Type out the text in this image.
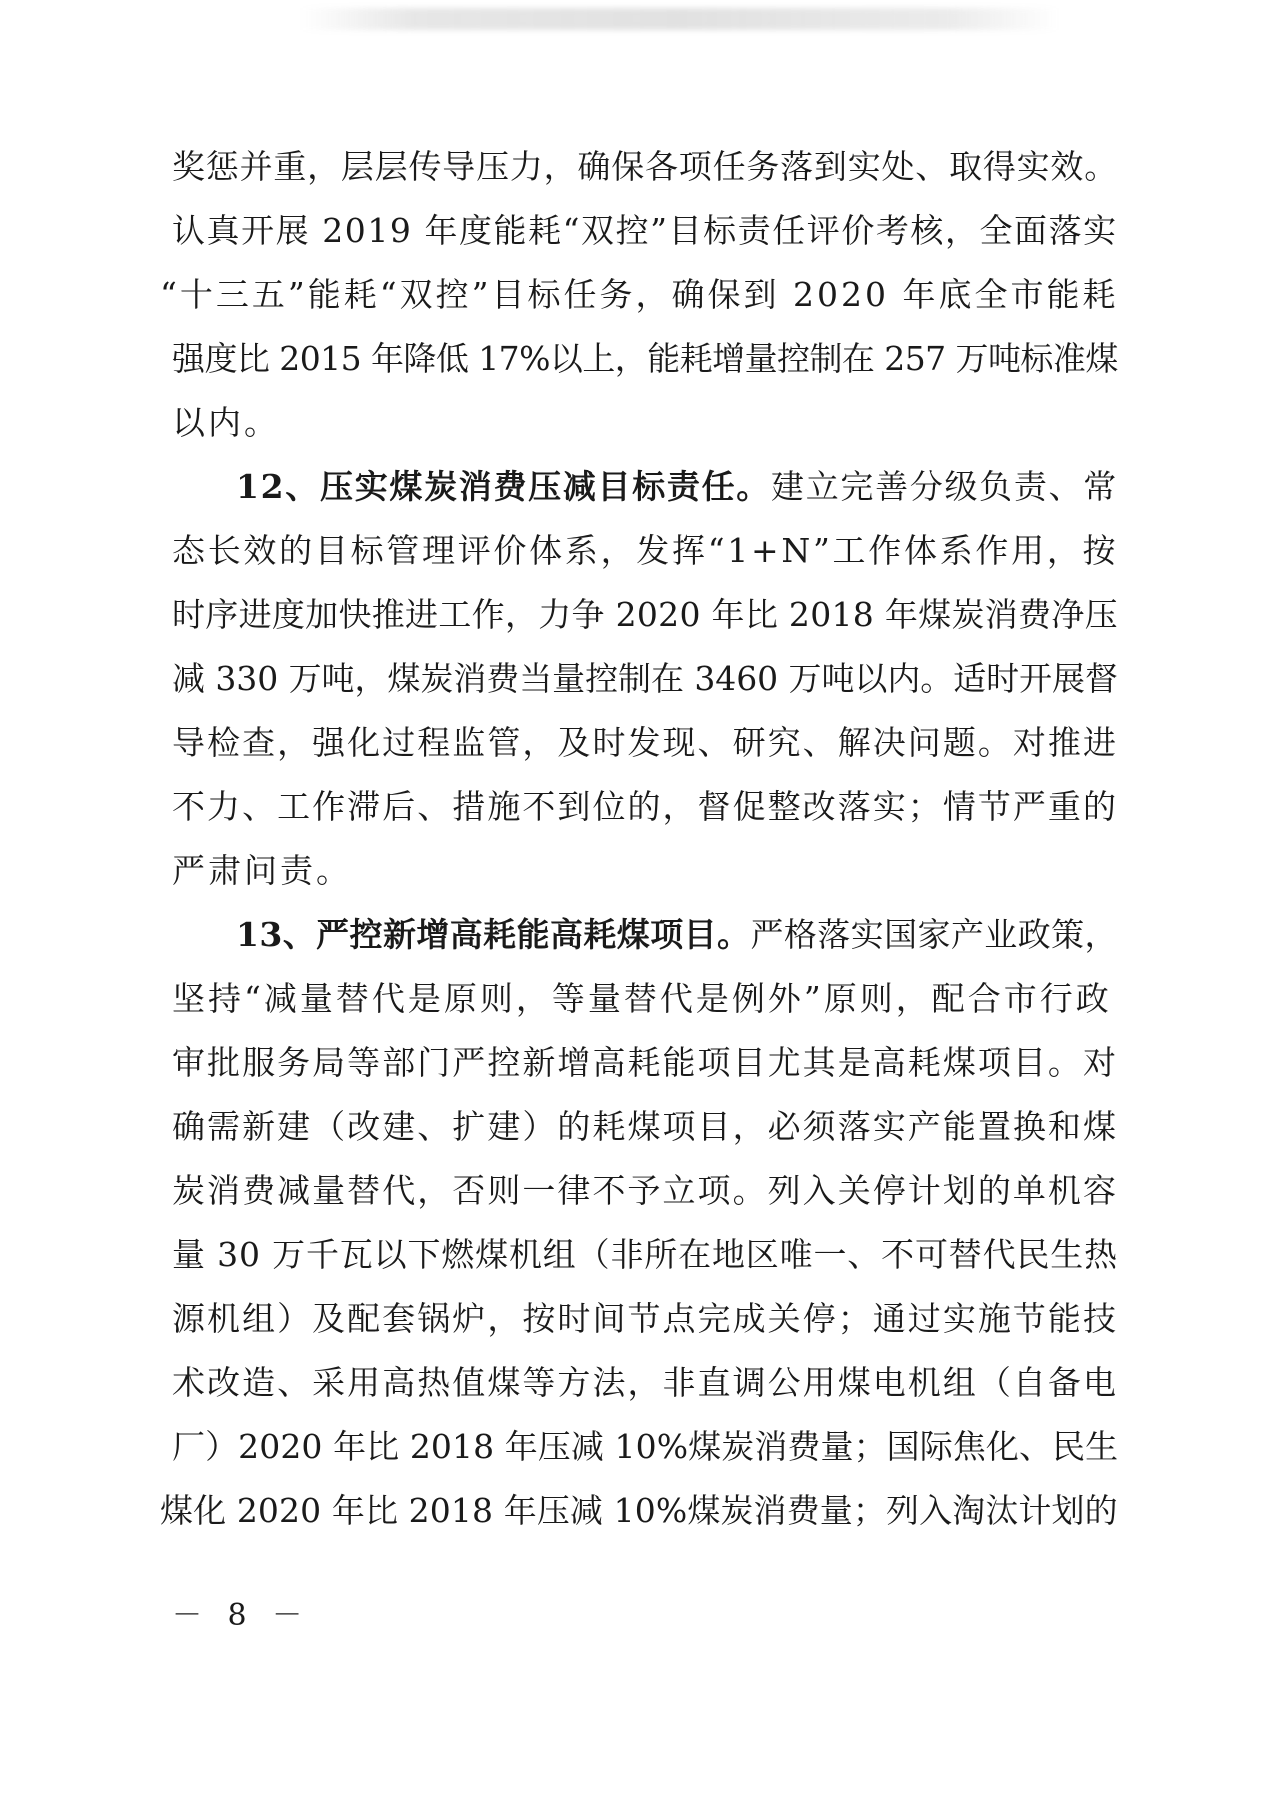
奖惩并重，层层传导压力，确保各项任务落到实处、取得实效。
认真开展 2019 年度能耗“双控”目标责任评价考核，全面落实
“十三五”能耗“双控”目标任务，确保到 2020 年底全市能耗
强度比 2015 年降低 17%以上，能耗增量控制在 257 万吨标准煤
以内。
12、压实煤炭消费压减目标责任。建立完善分级负责、常
态长效的目标管理评价体系，发挥“1+N”工作体系作用，按
时序进度加快推进工作，力争 2020 年比 2018 年煤炭消费净压
减 330 万吨，煤炭消费当量控制在 3460 万吨以内。适时开展督
导检查，强化过程监管，及时发现、研究、解决问题。对推进
不力、工作滞后、措施不到位的，督促整改落实；情节严重的
严肃问责。
13、严控新增高耗能高耗煤项目。严格落实国家产业政策，
坚持“减量替代是原则，等量替代是例外”原则，配合市行政
审批服务局等部门严控新增高耗能项目尤其是高耗煤项目。对
确需新建（改建、扩建）的耗煤项目，必须落实产能置换和煤
炭消费减量替代，否则一律不予立项。列入关停计划的单机容
量 30 万千瓦以下燃煤机组（非所在地区唯一、不可替代民生热
源机组）及配套锅炉，按时间节点完成关停；通过实施节能技
术改造、采用高热值煤等方法，非直调公用煤电机组（自备电
厂）2020 年比 2018 年压减 10%煤炭消费量；国际焦化、民生
煤化 2020 年比 2018 年压减 10%煤炭消费量；列入淘汰计划的
－ 8 －
